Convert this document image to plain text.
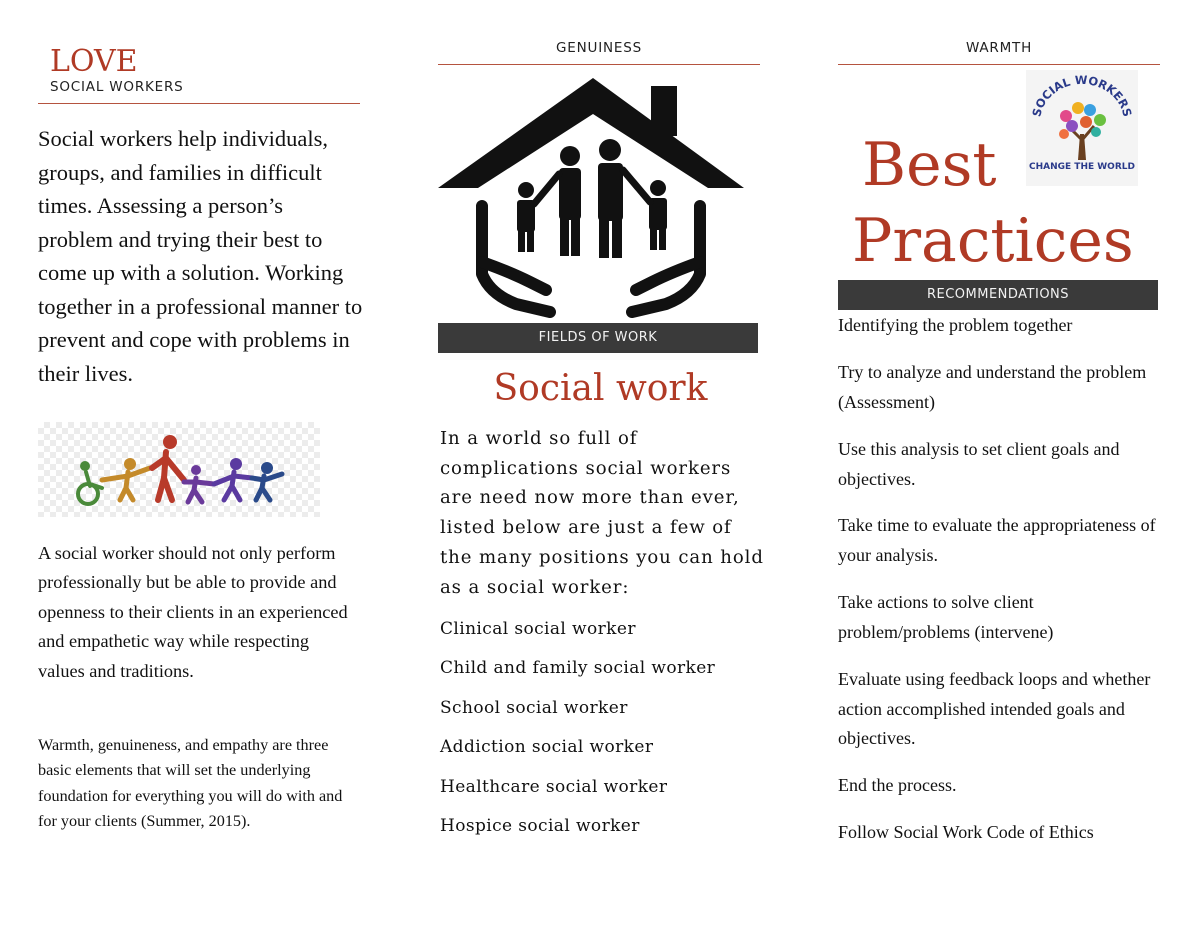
LOVE
SOCIAL WORKERS
Social workers help individuals, groups, and families in difficult times. Assessing a person’s problem and trying their best to come up with a solution. Working together in a professional manner to prevent and cope with problems in their lives.
A social worker should not only perform professionally but be able to provide and openness to their clients in an experienced and empathetic way while respecting values and traditions.
Warmth, genuineness, and empathy are three basic elements that will set the underlying foundation for everything you will do with and for your clients (Summer, 2015).
GENUINESS
FIELDS OF WORK
Social work
In a world so full of complications social workers are need now more than ever, listed below are just a few of the many positions you can hold as a social worker:
Clinical social worker
Child and family social worker
School social worker
Addiction social worker
Healthcare social worker
Hospice social worker
WARMTH
SOCIAL WORKERS
CHANGE THE WORLD
Best
Practices
RECOMMENDATIONS
Identifying the problem together
Try to analyze and understand the problem (Assessment)
Use this analysis to set client goals and objectives.
Take time to evaluate the appropriateness of your analysis.
Take actions to solve client problem/problems (intervene)
Evaluate using feedback loops and whether action accomplished intended goals and objectives.
End the process.
Follow Social Work Code of Ethics
